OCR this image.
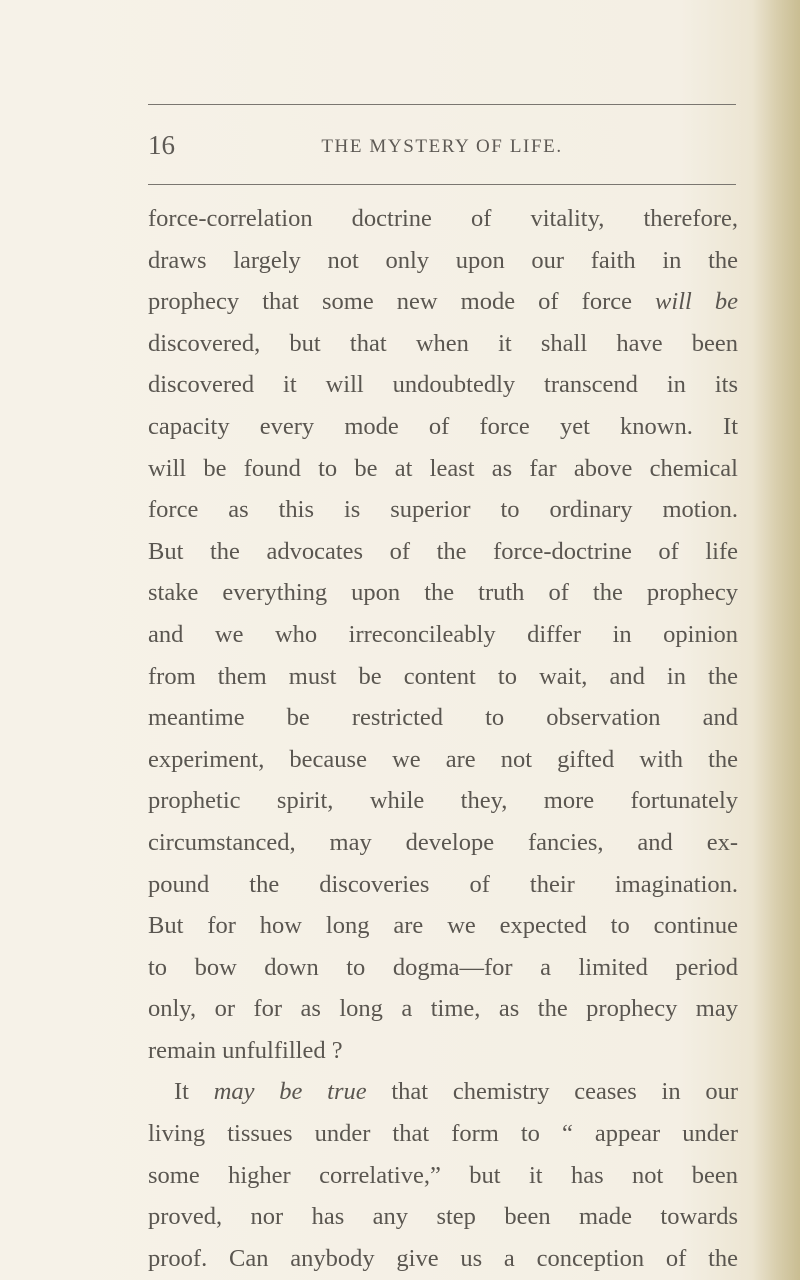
16	THE MYSTERY OF LIFE.
force-correlation doctrine of vitality, therefore,
draws largely not only upon our faith in the
prophecy that some new mode of force will be
discovered, but that when it shall have been
discovered it will undoubtedly transcend in its
capacity every mode of force yet known. It
will be found to be at least as far above chemical
force as this is superior to ordinary motion.
But the advocates of the force-doctrine of life
stake everything upon the truth of the prophecy
and we who irreconcileably differ in opinion
from them must be content to wait, and in the
meantime be restricted to observation and
experiment, because we are not gifted with the
prophetic spirit, while they, more fortunately
circumstanced, may develope fancies, and ex-
pound the discoveries of their imagination.
But for how long are we expected to continue
to bow down to dogma—for a limited period
only, or for as long a time, as the prophecy may
remain unfulfilled ?
It may be true that chemistry ceases in our
living tissues under that form to “ appear under
some higher correlative,” but it has not been
proved, nor has any step been made towards
proof. Can anybody give us a conception of the
